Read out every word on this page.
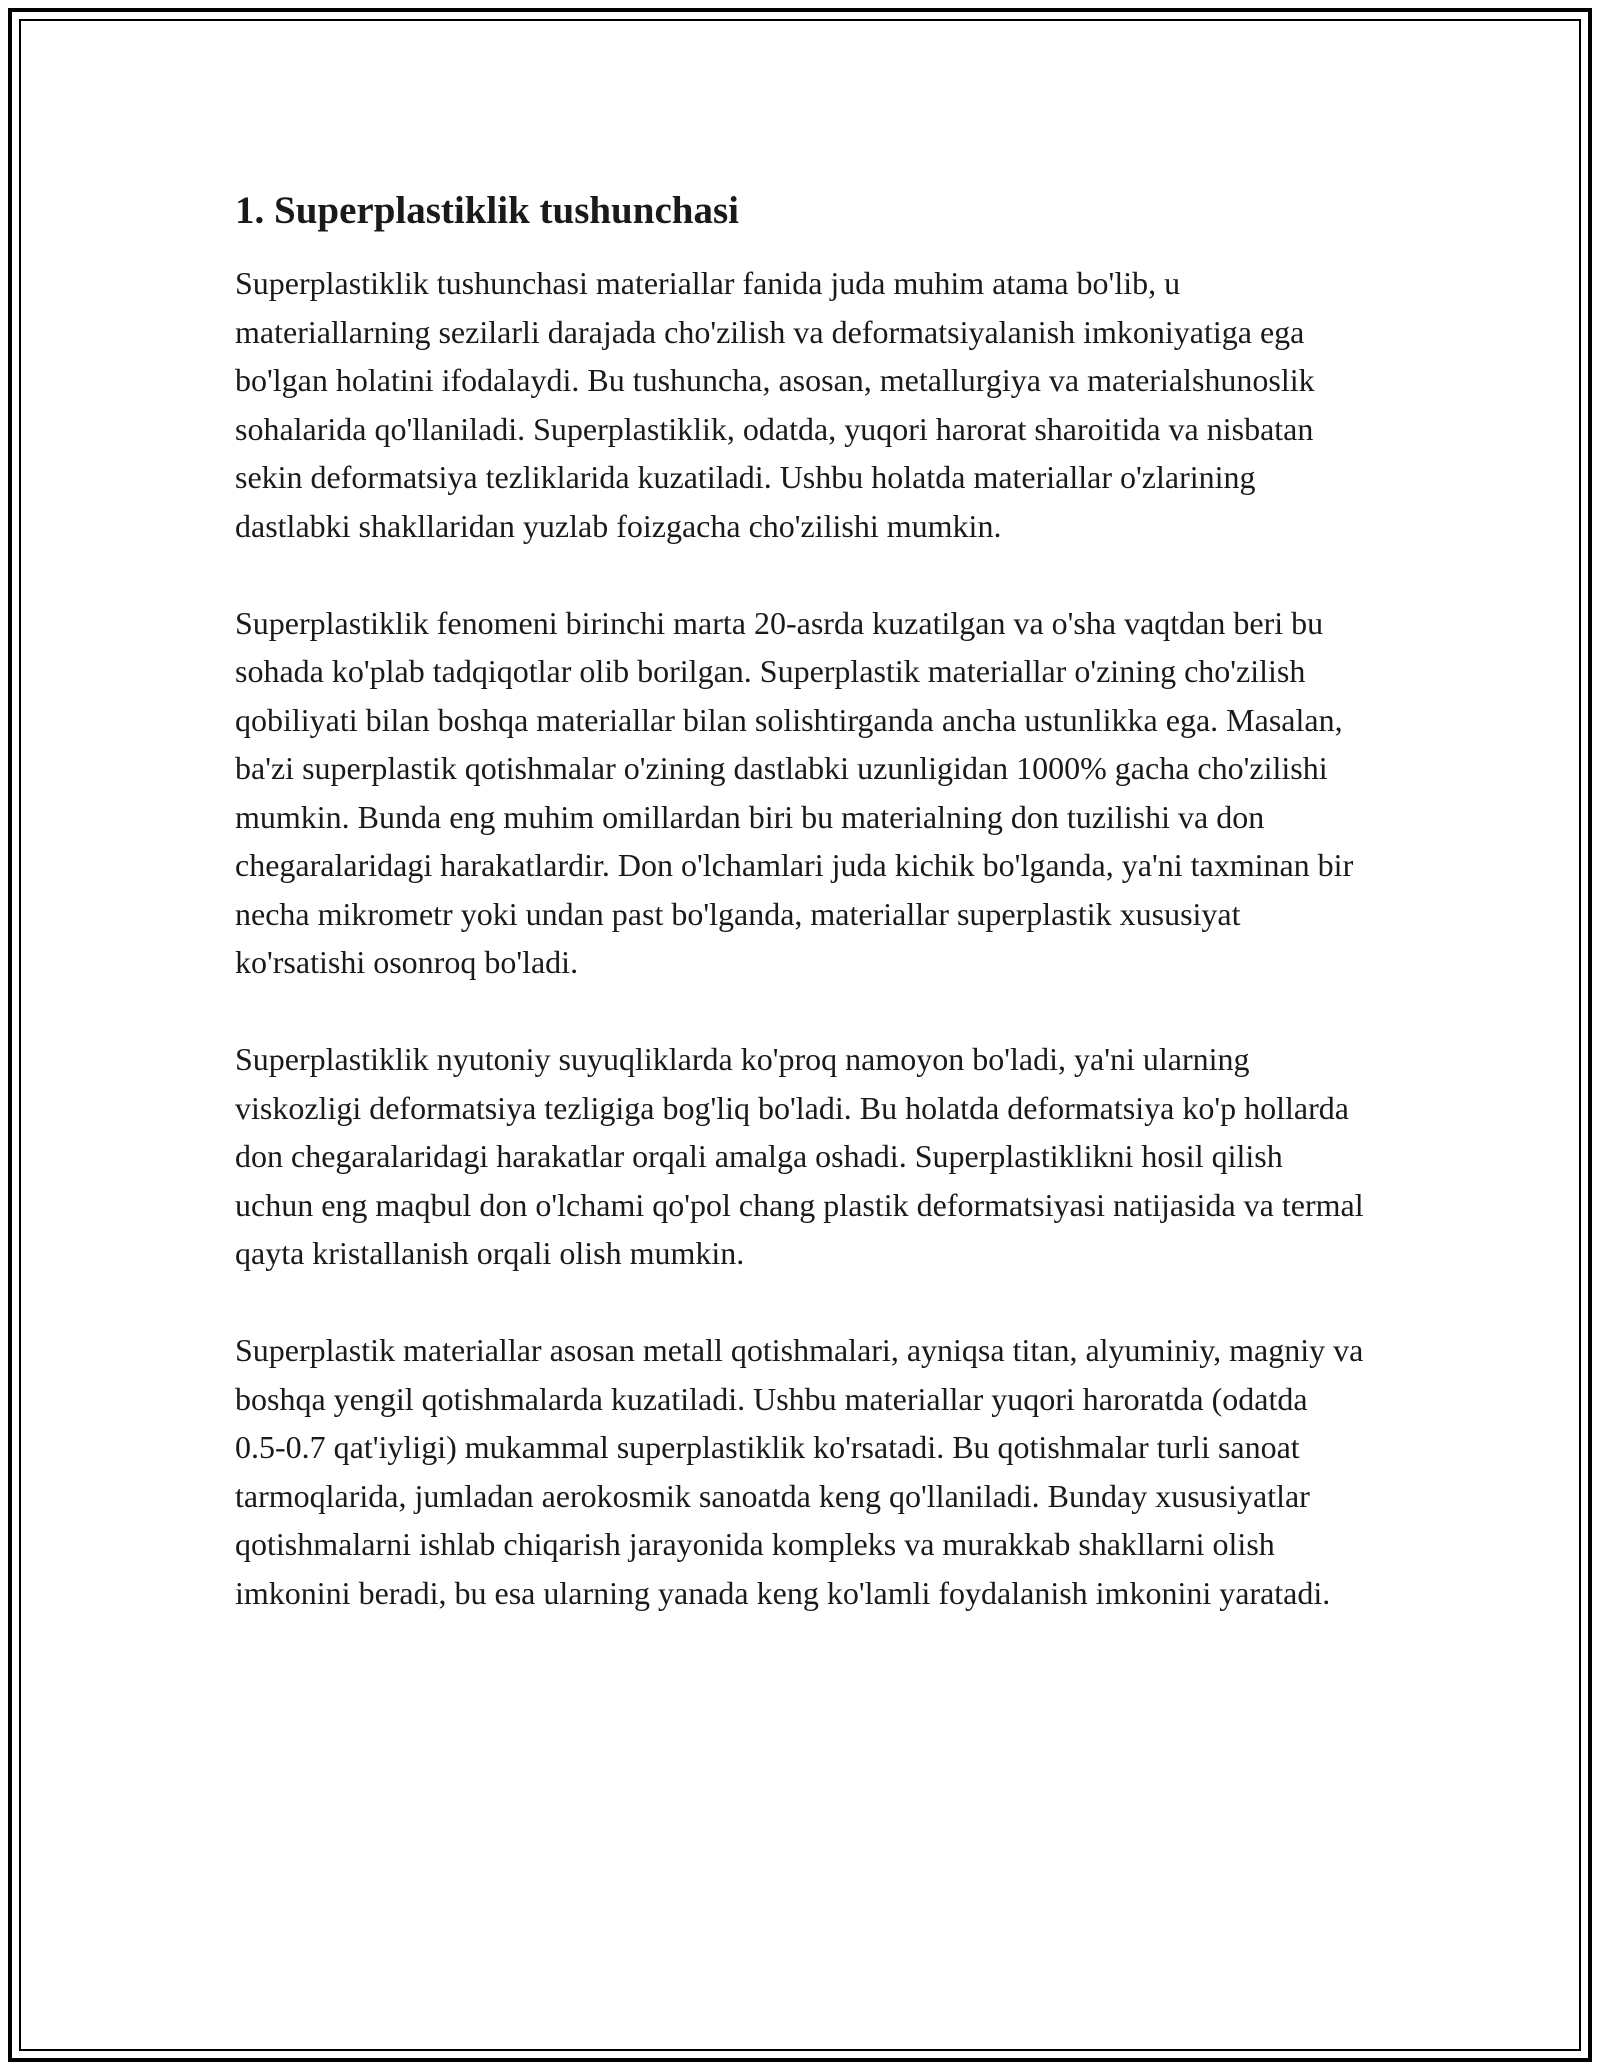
1. Superplastiklik tushunchasi

Superplastiklik tushunchasi materiallar fanida juda muhim atama bo'lib, u materiallarning sezilarli darajada cho'zilish va deformatsiyalanish imkoniyatiga ega bo'lgan holatini ifodalaydi. Bu tushuncha, asosan, metallurgiya va materialshunoslik sohalarida qo'llaniladi. Superplastiklik, odatda, yuqori harorat sharoitida va nisbatan sekin deformatsiya tezliklarida kuzatiladi. Ushbu holatda materiallar o'zlarining dastlabki shakllaridan yuzlab foizgacha cho'zilishi mumkin.

Superplastiklik fenomeni birinchi marta 20-asrda kuzatilgan va o'sha vaqtdan beri bu sohada ko'plab tadqiqotlar olib borilgan. Superplastik materiallar o'zining cho'zilish qobiliyati bilan boshqa materiallar bilan solishtirganda ancha ustunlikka ega. Masalan, ba'zi superplastik qotishmalar o'zining dastlabki uzunligidan 1000% gacha cho'zilishi mumkin. Bunda eng muhim omillardan biri bu materialning don tuzilishi va don chegaralaridagi harakatlardir. Don o'lchamlari juda kichik bo'lganda, ya'ni taxminan bir necha mikrometr yoki undan past bo'lganda, materiallar superplastik xususiyat ko'rsatishi osonroq bo'ladi.

Superplastiklik nyutoniy suyuqliklarda ko'proq namoyon bo'ladi, ya'ni ularning viskozligi deformatsiya tezligiga bog'liq bo'ladi. Bu holatda deformatsiya ko'p hollarda don chegaralaridagi harakatlar orqali amalga oshadi. Superplastiklikni hosil qilish uchun eng maqbul don o'lchami qo'pol chang plastik deformatsiyasi natijasida va termal qayta kristallanish orqali olish mumkin.

Superplastik materiallar asosan metall qotishmalari, ayniqsa titan, alyuminiy, magniy va boshqa yengil qotishmalarda kuzatiladi. Ushbu materiallar yuqori haroratda (odatda 0.5-0.7 qat'iyligi) mukammal superplastiklik ko'rsatadi. Bu qotishmalar turli sanoat tarmoqlarida, jumladan aerokosmik sanoatda keng qo'llaniladi. Bunday xususiyatlar qotishmalarni ishlab chiqarish jarayonida kompleks va murakkab shakllarni olish imkonini beradi, bu esa ularning yanada keng ko'lamli foydalanish imkonini yaratadi.
